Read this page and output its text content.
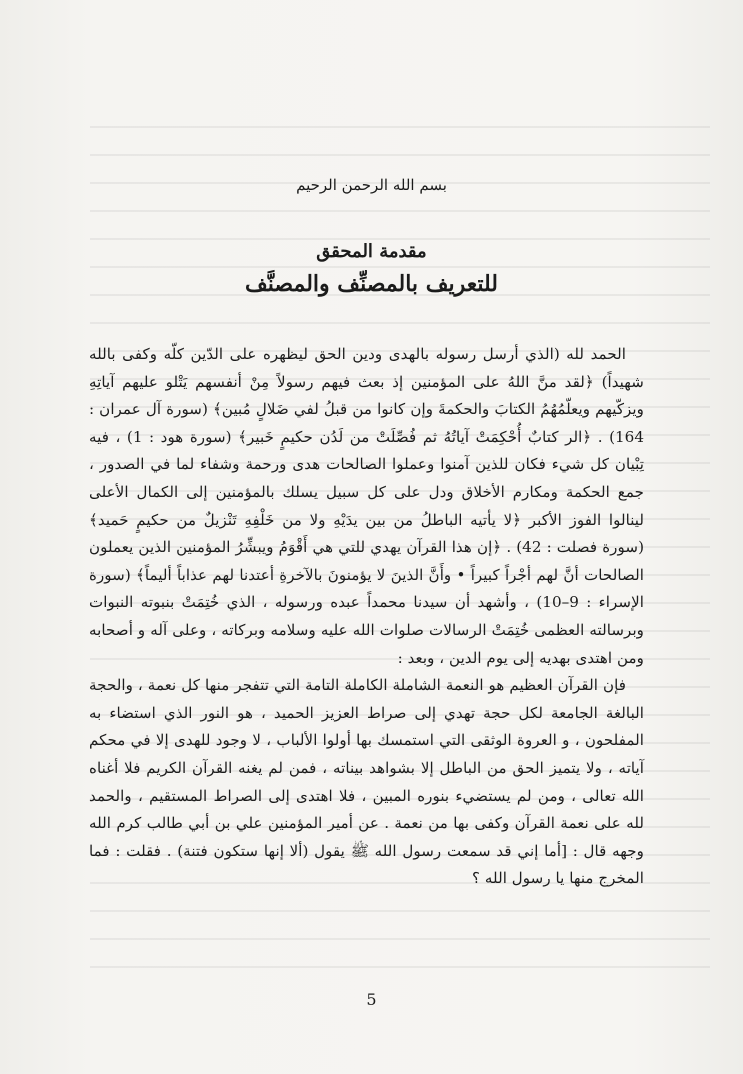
بسم الله الرحمن الرحيم
مقدمة المحقق
للتعريف بالمصنِّف والمصنَّف

الحمد لله (الذي أرسل رسوله بالهدى ودين الحق ليظهره على الدّين كلّه وكفى بالله شهيداً) ﴿لقد منَّ اللهُ على المؤمنين إذ بعث فيهم رسولاً مِنْ أنفسهم يَتْلو عليهم آياتِهِ ويزكّيهم ويعلّمُهُمُ الكتابَ والحكمةَ وإن كانوا من قبلُ لفي ضَلالٍ مُبين﴾ (سورة آل عمران : 164) . ﴿الر كتابٌ أُحْكِمَتْ آياتُهُ ثم فُصِّلَتْ من لَدُن حكيمٍ خَبير﴾ (سورة هود : 1) ، فيه تِبْيان كل شيء فكان للذين آمنوا وعملوا الصالحات هدى ورحمة وشفاء لما في الصدور ، جمع الحكمة ومكارم الأخلاق ودل على كل سبيل يسلك بالمؤمنين إلى الكمال الأعلى لينالوا الفوز الأكبر ﴿لا يأتيه الباطلُ من بين يدَيْهِ ولا من خَلْفِهِ تَنْزيلٌ من حكيمٍ حَميد﴾ (سورة فصلت : 42) . ﴿إن هذا القرآن يهدي للتي هي أَقْوَمُ ويبشِّرُ المؤمنين الذين يعملون الصالحات أنَّ لهم أجْراً كبيراً • وأَنَّ الذينَ لا يؤمنونَ بالآخرةِ أعتدنا لهم عذاباً أليماً﴾ (سورة الإسراء : 9–10) ، وأشهد أن سيدنا محمداً عبده ورسوله ، الذي خُتِمَتْ بنبوته النبوات وبرسالته العظمى خُتِمَتْ الرسالات صلوات الله عليه وسلامه وبركاته ، وعلى آله و أصحابه ومن اهتدى بهديه إلى يوم الدين ، وبعد :

فإن القرآن العظيم هو النعمة الشاملة الكاملة التامة التي تتفجر منها كل نعمة ، والحجة البالغة الجامعة لكل حجة تهدي إلى صراط العزيز الحميد ، هو النور الذي استضاء به المفلحون ، و العروة الوثقى التي استمسك بها أولوا الألباب ، لا وجود للهدى إلا في محكم آياته ، ولا يتميز الحق من الباطل إلا بشواهد بيناته ، فمن لم يغنه القرآن الكريم فلا أغناه الله تعالى ، ومن لم يستضيء بنوره المبين ، فلا اهتدى إلى الصراط المستقيم ، والحمد لله على نعمة القرآن وكفى بها من نعمة . عن أمير المؤمنين علي بن أبي طالب كرم الله وجهه قال : [أما إني قد سمعت رسول الله ﷺ يقول (ألا إنها ستكون فتنة) . فقلت : فما المخرج منها يا رسول الله ؟

5
